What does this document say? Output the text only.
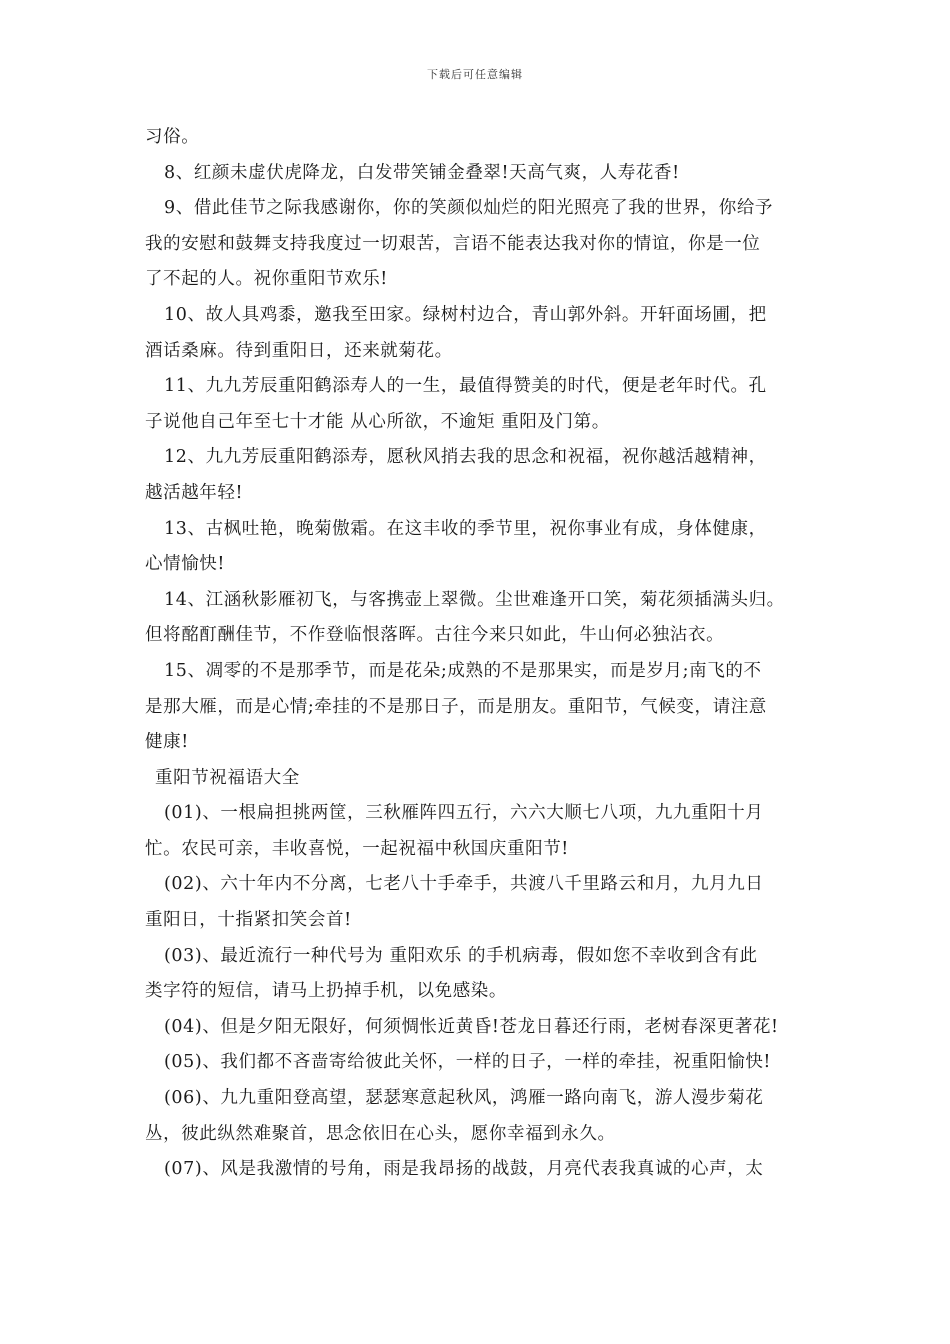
下载后可任意编辑
习俗。
8、红颜未虚伏虎降龙，白发带笑铺金叠翠!天高气爽，人寿花香!
9、借此佳节之际我感谢你，你的笑颜似灿烂的阳光照亮了我的世界，你给予
我的安慰和鼓舞支持我度过一切艰苦，言语不能表达我对你的情谊，你是一位
了不起的人。祝你重阳节欢乐!
10、故人具鸡黍，邀我至田家。绿树村边合，青山郭外斜。开轩面场圃，把
酒话桑麻。待到重阳日，还来就菊花。
11、九九芳辰重阳鹤添寿人的一生，最值得赞美的时代，便是老年时代。孔
子说他自己年至七十才能 从心所欲，不逾矩 重阳及门第。
12、九九芳辰重阳鹤添寿，愿秋风捎去我的思念和祝福，祝你越活越精神，
越活越年轻!
13、古枫吐艳，晚菊傲霜。在这丰收的季节里，祝你事业有成，身体健康，
心情愉快!
14、江涵秋影雁初飞，与客携壶上翠微。尘世难逢开口笑，菊花须插满头归。
但将酩酊酬佳节，不作登临恨落晖。古往今来只如此，牛山何必独沾衣。
15、凋零的不是那季节，而是花朵;成熟的不是那果实，而是岁月;南飞的不
是那大雁，而是心情;牵挂的不是那日子，而是朋友。重阳节，气候变，请注意
健康!
重阳节祝福语大全
(01)、一根扁担挑两筐，三秋雁阵四五行，六六大顺七八项，九九重阳十月
忙。农民可亲，丰收喜悦，一起祝福中秋国庆重阳节!
(02)、六十年内不分离，七老八十手牵手，共渡八千里路云和月，九月九日
重阳日，十指紧扣笑会首!
(03)、最近流行一种代号为 重阳欢乐 的手机病毒，假如您不幸收到含有此
类字符的短信，请马上扔掉手机，以免感染。
(04)、但是夕阳无限好，何须惆怅近黄昏!苍龙日暮还行雨，老树春深更著花!
(05)、我们都不吝啬寄给彼此关怀，一样的日子，一样的牵挂，祝重阳愉快!
(06)、九九重阳登高望，瑟瑟寒意起秋风，鸿雁一路向南飞，游人漫步菊花
丛，彼此纵然难聚首，思念依旧在心头，愿你幸福到永久。
(07)、风是我激情的号角，雨是我昂扬的战鼓，月亮代表我真诚的心声，太
